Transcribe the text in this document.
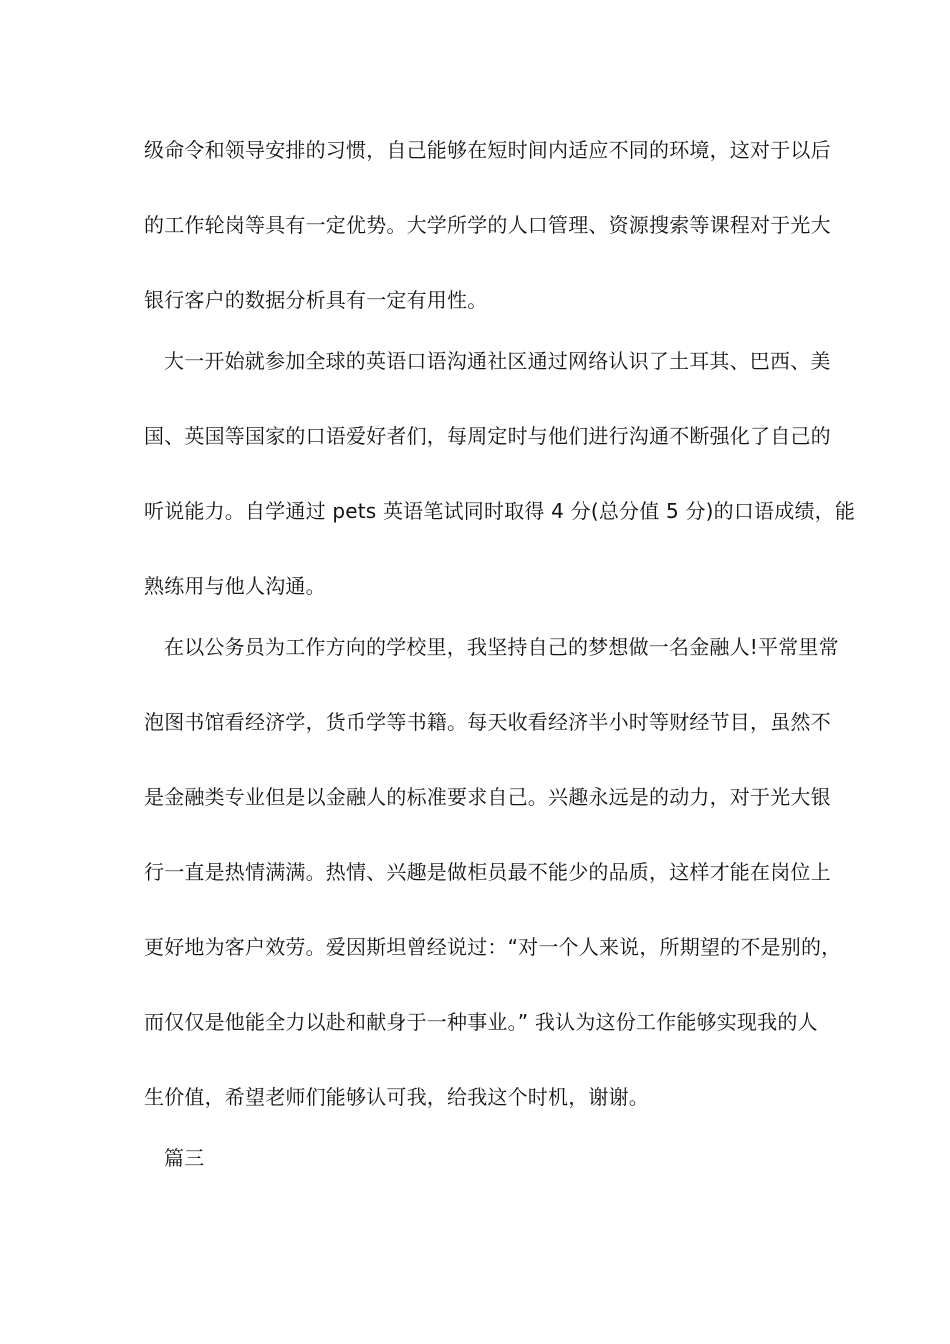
级命令和领导安排的习惯，自己能够在短时间内适应不同的环境，这对于以后
的工作轮岗等具有一定优势。大学所学的人口管理、资源搜索等课程对于光大
银行客户的数据分析具有一定有用性。
大一开始就参加全球的英语口语沟通社区通过网络认识了土耳其、巴西、美
国、英国等国家的口语爱好者们，每周定时与他们进行沟通不断强化了自己的
听说能力。自学通过 pets 英语笔试同时取得 4 分(总分值 5 分)的口语成绩，能
熟练用与他人沟通。
在以公务员为工作方向的学校里，我坚持自己的梦想做一名金融人!平常里常
泡图书馆看经济学，货币学等书籍。每天收看经济半小时等财经节目，虽然不
是金融类专业但是以金融人的标准要求自己。兴趣永远是的动力，对于光大银
行一直是热情满满。热情、兴趣是做柜员最不能少的品质，这样才能在岗位上
更好地为客户效劳。爱因斯坦曾经说过：“对一个人来说，所期望的不是别的，
而仅仅是他能全力以赴和献身于一种事业。” 我认为这份工作能够实现我的人
生价值，希望老师们能够认可我，给我这个时机，谢谢。
篇三
